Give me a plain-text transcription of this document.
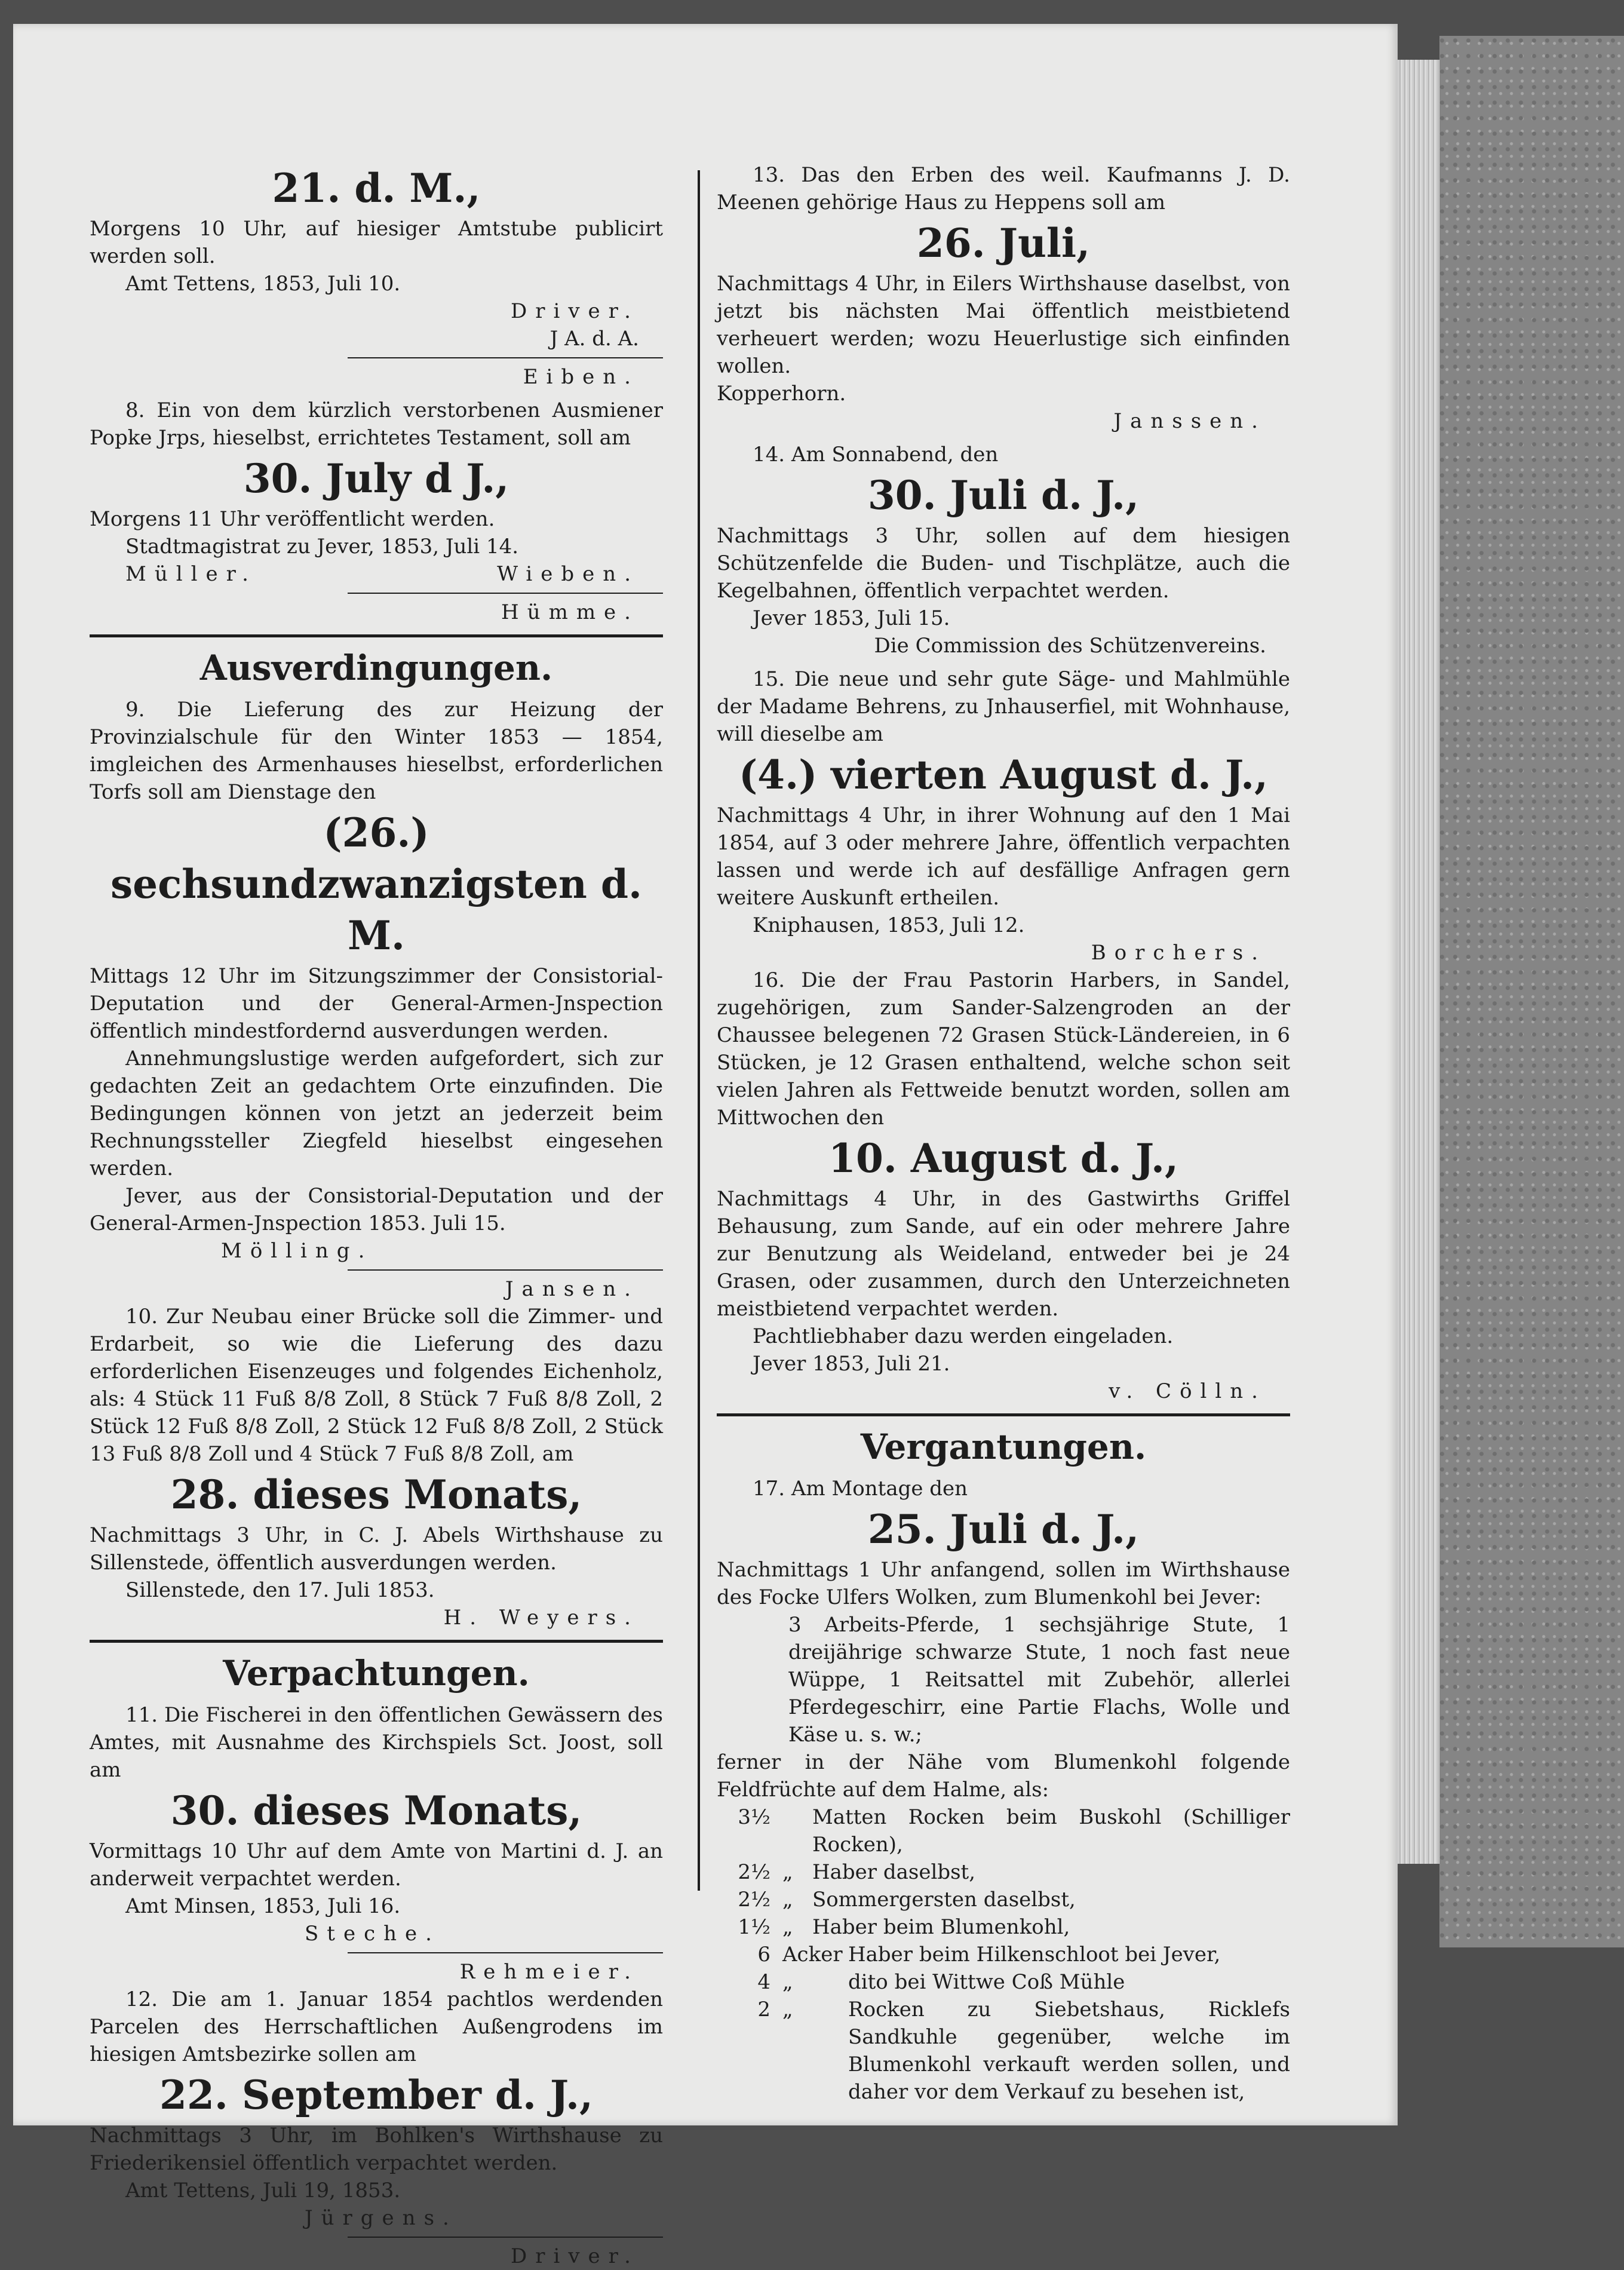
21. d. M.,

Morgens 10 Uhr, auf hiesiger Amtstube publicirt werden soll.

Amt Tettens, 1853, Juli 10.

Driver.

J A. d. A.

Eiben.

8. Ein von dem kürzlich verstorbenen Ausmiener Popke Jrps, hieselbst, errichtetes Testament, soll am

30. July d J.,

Morgens 11 Uhr veröffentlicht werden.

Stadtmagistrat zu Jever, 1853, Juli 14.

Müller.	Wieben.

Hümme.

Ausverdingungen.

9. Die Lieferung des zur Heizung der Provinzialschule für den Winter 1853 — 1854, imgleichen des Armenhauses hieselbst, erforderlichen Torfs soll am Dienstage den

(26.) sechsundzwanzigsten d. M.

Mittags 12 Uhr im Sitzungszimmer der Consistorial-Deputation und der General-Armen-Jnspection öffentlich mindestfordernd ausverdungen werden.

Annehmungslustige werden aufgefordert, sich zur gedachten Zeit an gedachtem Orte einzufinden. Die Bedingungen können von jetzt an jederzeit beim Rechnungssteller Ziegfeld hieselbst eingesehen werden.

Jever, aus der Consistorial-Deputation und der General-Armen-Jnspection 1853. Juli 15.

Mölling.

Jansen.

10. Zur Neubau einer Brücke soll die Zimmer- und Erdarbeit, so wie die Lieferung des dazu erforderlichen Eisenzeuges und folgendes Eichenholz, als: 4 Stück 11 Fuß 8/8 Zoll, 8 Stück 7 Fuß 8/8 Zoll, 2 Stück 12 Fuß 8/8 Zoll, 2 Stück 12 Fuß 8/8 Zoll, 2 Stück 13 Fuß 8/8 Zoll und 4 Stück 7 Fuß 8/8 Zoll, am

28. dieses Monats,

Nachmittags 3 Uhr, in C. J. Abels Wirthshause zu Sillenstede, öffentlich ausverdungen werden.

Sillenstede, den 17. Juli 1853.

H. Weyers.

Verpachtungen.

11. Die Fischerei in den öffentlichen Gewässern des Amtes, mit Ausnahme des Kirchspiels Sct. Joost, soll am

30. dieses Monats,

Vormittags 10 Uhr auf dem Amte von Martini d. J. an anderweit verpachtet werden.

Amt Minsen, 1853, Juli 16.

Steche.

Rehmeier.

12. Die am 1. Januar 1854 pachtlos werdenden Parcelen des Herrschaftlichen Außengrodens im hiesigen Amtsbezirke sollen am

22. September d. J.,

Nachmittags 3 Uhr, im Bohlken's Wirthshause zu Friederikensiel öffentlich verpachtet werden.

Amt Tettens, Juli 19, 1853.

Jürgens.

Driver.

13. Das den Erben des weil. Kaufmanns J. D. Meenen gehörige Haus zu Heppens soll am

26. Juli,

Nachmittags 4 Uhr, in Eilers Wirthshause daselbst, von jetzt bis nächsten Mai öffentlich meistbietend verheuert werden; wozu Heuerlustige sich einfinden wollen.

Kopperhorn.

Janssen.

14. Am Sonnabend, den

30. Juli d. J.,

Nachmittags 3 Uhr, sollen auf dem hiesigen Schützenfelde die Buden- und Tischplätze, auch die Kegelbahnen, öffentlich verpachtet werden.

Jever 1853, Juli 15.

Die Commission des Schützenvereins.

15. Die neue und sehr gute Säge- und Mahlmühle der Madame Behrens, zu Jnhauserfiel, mit Wohnhause, will dieselbe am

(4.) vierten August d. J.,

Nachmittags 4 Uhr, in ihrer Wohnung auf den 1 Mai 1854, auf 3 oder mehrere Jahre, öffentlich verpachten lassen und werde ich auf desfällige Anfragen gern weitere Auskunft ertheilen.

Kniphausen, 1853, Juli 12.

Borchers.

16. Die der Frau Pastorin Harbers, in Sandel, zugehörigen, zum Sander-Salzengroden an der Chaussee belegenen 72 Grasen Stück-Ländereien, in 6 Stücken, je 12 Grasen enthaltend, welche schon seit vielen Jahren als Fettweide benutzt worden, sollen am Mittwochen den

10. August d. J.,

Nachmittags 4 Uhr, in des Gastwirths Griffel Behausung, zum Sande, auf ein oder mehrere Jahre zur Benutzung als Weideland, entweder bei je 24 Grasen, oder zusammen, durch den Unterzeichneten meistbietend verpachtet werden.

Pachtliebhaber dazu werden eingeladen.

Jever 1853, Juli 21.

v. Cölln.

Vergantungen.

17. Am Montage den

25. Juli d. J.,

Nachmittags 1 Uhr anfangend, sollen im Wirthshause des Focke Ulfers Wolken, zum Blumenkohl bei Jever:

3 Arbeits-Pferde, 1 sechsjährige Stute, 1 dreijährige schwarze Stute, 1 noch fast neue Wüppe, 1 Reitsattel mit Zubehör, allerlei Pferdegeschirr, eine Partie Flachs, Wolle und Käse u. s. w.;

ferner in der Nähe vom Blumenkohl folgende Feldfrüchte auf dem Halme, als:

3½	Matten Rocken beim Buskohl (Schilliger Rocken),

2½ „ Haber daselbst,

2½ „ Sommergersten daselbst,

1½ „ Haber beim Blumenkohl,

6 Acker Haber beim Hilkenschloot bei Jever,

4 „	dito bei Wittwe Coß Mühle

2 „	Rocken zu Siebetshaus, Ricklefs Sandkuhle gegenüber, welche im Blumenkohl verkauft werden sollen, und daher vor dem Verkauf zu besehen ist,
